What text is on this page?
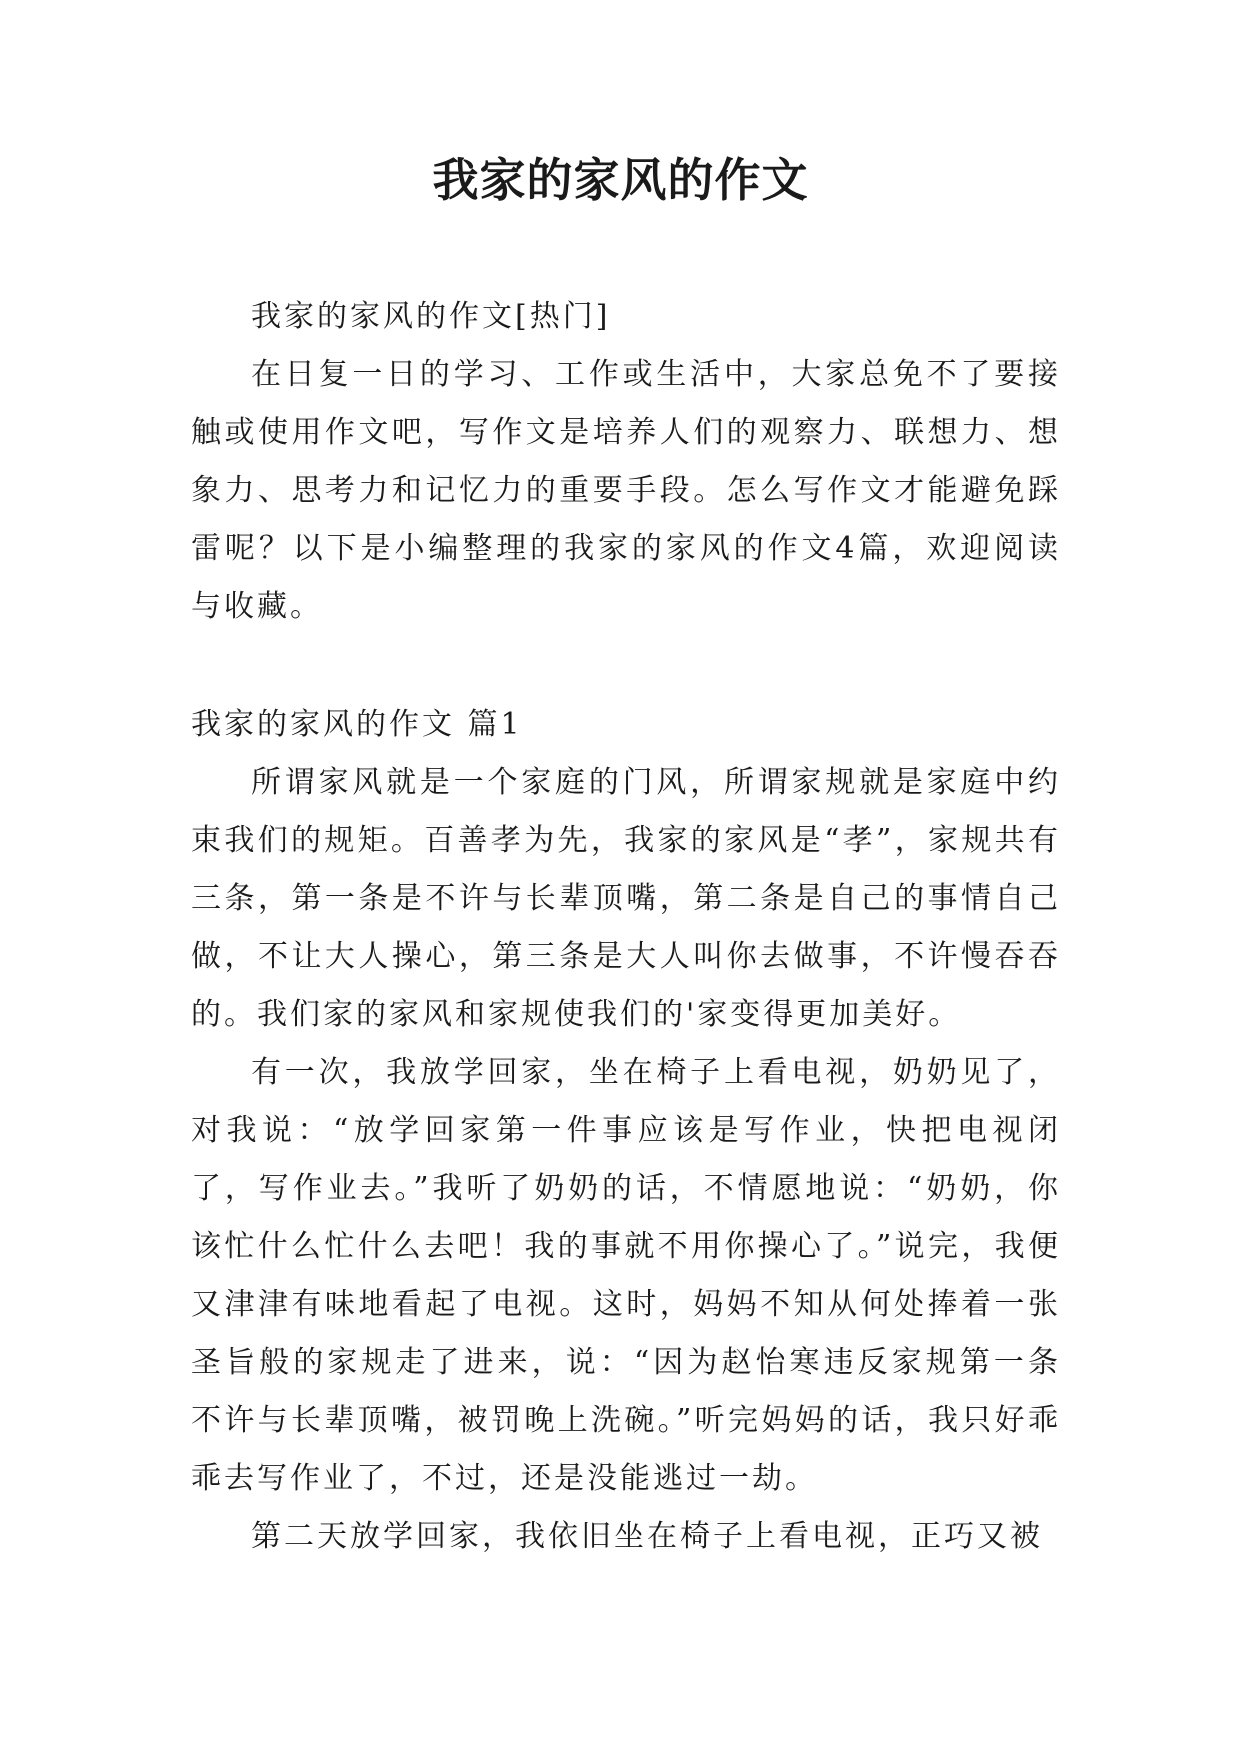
我家的家风的作文

我家的家风的作文[热门]

在日复一日的学习、工作或生活中，大家总免不了要接触或使用作文吧，写作文是培养人们的观察力、联想力、想象力、思考力和记忆力的重要手段。怎么写作文才能避免踩雷呢？以下是小编整理的我家的家风的作文4篇，欢迎阅读与收藏。

我家的家风的作文 篇1

所谓家风就是一个家庭的门风，所谓家规就是家庭中约束我们的规矩。百善孝为先，我家的家风是“孝”，家规共有三条，第一条是不许与长辈顶嘴，第二条是自己的事情自己做，不让大人操心，第三条是大人叫你去做事，不许慢吞吞的。我们家的家风和家规使我们的'家变得更加美好。

有一次，我放学回家，坐在椅子上看电视，奶奶见了，对我说：“放学回家第一件事应该是写作业，快把电视闭了，写作业去。”我听了奶奶的话，不情愿地说：“奶奶，你该忙什么忙什么去吧！我的事就不用你操心了。”说完，我便又津津有味地看起了电视。这时，妈妈不知从何处捧着一张圣旨般的家规走了进来，说：“因为赵怡寒违反家规第一条不许与长辈顶嘴，被罚晚上洗碗。”听完妈妈的话，我只好乖乖去写作业了，不过，还是没能逃过一劫。

第二天放学回家，我依旧坐在椅子上看电视，正巧又被
